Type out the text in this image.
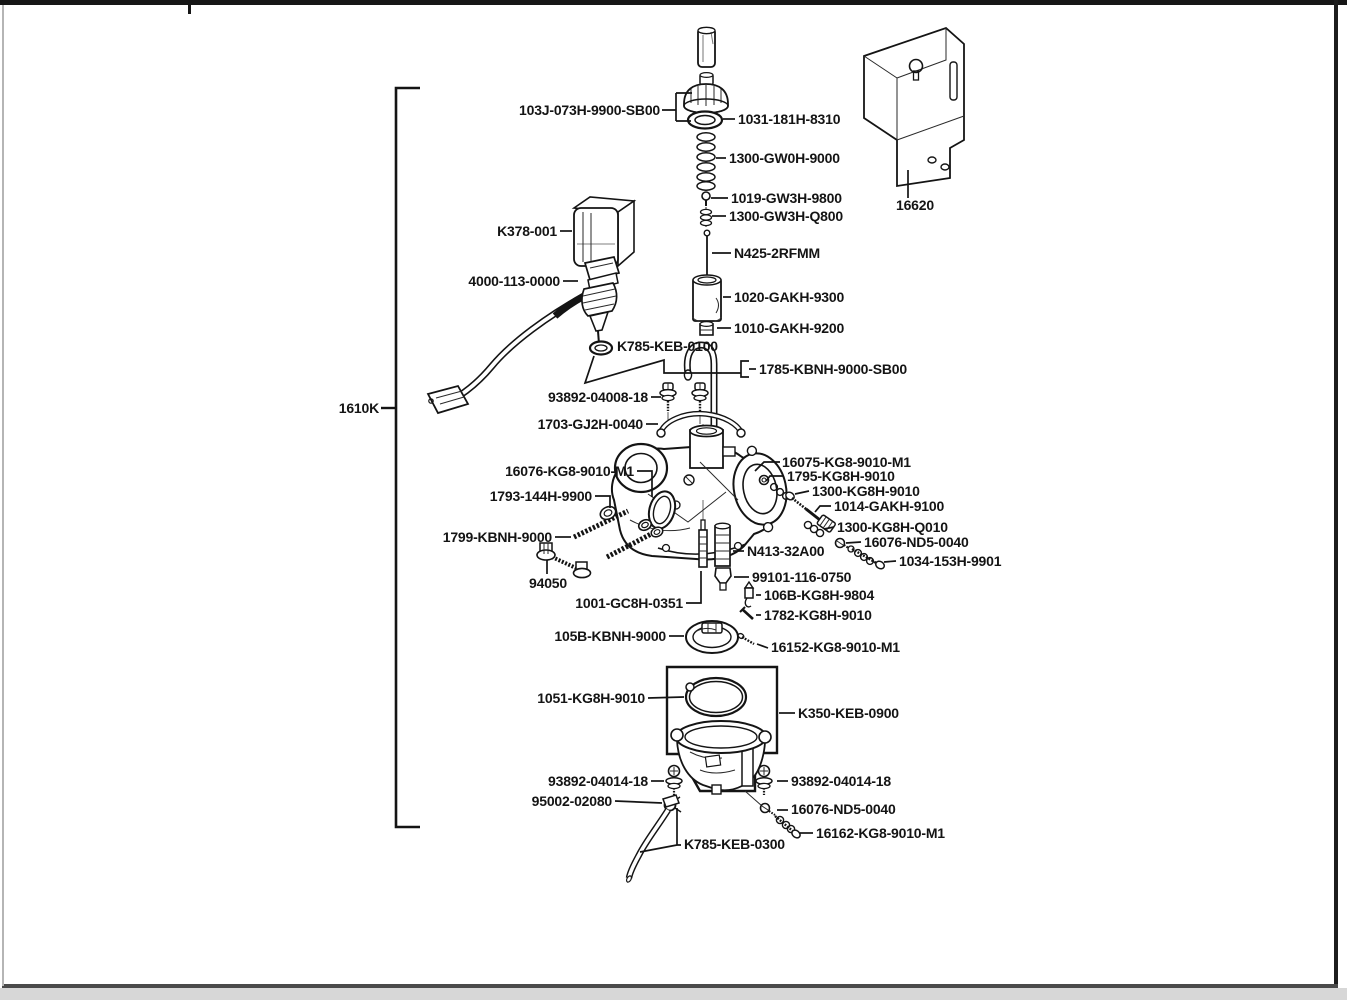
103J-073H-9900-SB00
1031-181H-8310
1300-GW0H-9000
1019-GW3H-9800
1300-GW3H-Q800
16620
K378-001
N425-2RFMM
4000-113-0000
1020-GAKH-9300
1010-GAKH-9200
K785-KEB-0100
1785-KBNH-9000-SB00
93892-04008-18
1703-GJ2H-0040
1610K
16076-KG8-9010-M1
1793-144H-9900
1799-KBNH-9000
94050
1001-GC8H-0351
105B-KBNH-9000
N413-32A00
99101-116-0750
106B-KG8H-9804
1782-KG8H-9010
16152-KG8-9010-M1
16075-KG8-9010-M1
1795-KG8H-9010
1300-KG8H-9010
1014-GAKH-9100
1300-KG8H-Q010
16076-ND5-0040
1034-153H-9901
1051-KG8H-9010
K350-KEB-0900
93892-04014-18	93892-04014-18
95002-02080	16076-ND5-0040
16162-KG8-9010-M1
K785-KEB-0300
